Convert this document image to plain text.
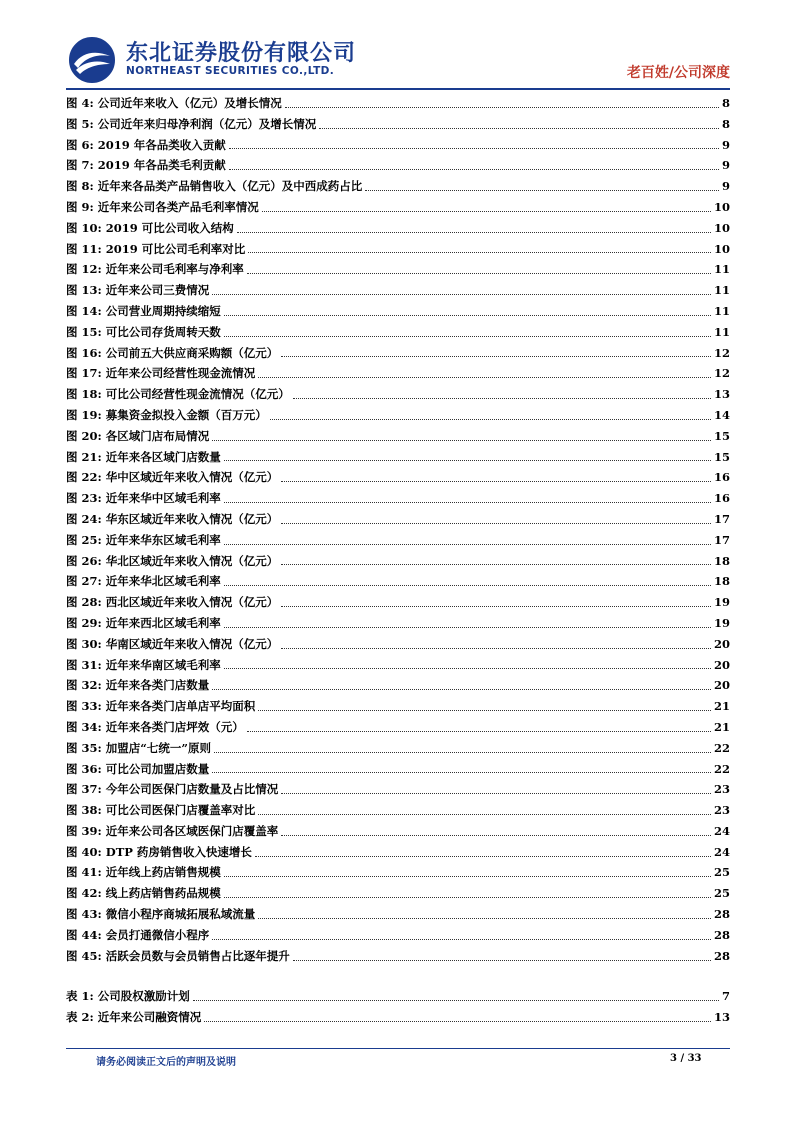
东北证券股份有限公司
NORTHEAST SECURITIES CO.,LTD.	老百姓/公司深度
图 4: 公司近年来收入（亿元）及增长情况	8
图 5: 公司近年来归母净利润（亿元）及增长情况	8
图 6: 2019 年各品类收入贡献	9
图 7: 2019 年各品类毛利贡献	9
图 8: 近年来各品类产品销售收入（亿元）及中西成药占比	9
图 9: 近年来公司各类产品毛利率情况	10
图 10: 2019 可比公司收入结构	10
图 11: 2019 可比公司毛利率对比	10
图 12: 近年来公司毛利率与净利率	11
图 13: 近年来公司三费情况	11
图 14: 公司营业周期持续缩短	11
图 15: 可比公司存货周转天数	11
图 16: 公司前五大供应商采购额（亿元）	12
图 17: 近年来公司经营性现金流情况	12
图 18: 可比公司经营性现金流情况（亿元）	13
图 19: 募集资金拟投入金额（百万元）	14
图 20: 各区域门店布局情况	15
图 21: 近年来各区域门店数量	15
图 22: 华中区域近年来收入情况（亿元）	16
图 23: 近年来华中区域毛利率	16
图 24: 华东区域近年来收入情况（亿元）	17
图 25: 近年来华东区域毛利率	17
图 26: 华北区域近年来收入情况（亿元）	18
图 27: 近年来华北区域毛利率	18
图 28: 西北区域近年来收入情况（亿元）	19
图 29: 近年来西北区域毛利率	19
图 30: 华南区域近年来收入情况（亿元）	20
图 31: 近年来华南区域毛利率	20
图 32: 近年来各类门店数量	20
图 33: 近年来各类门店单店平均面积	21
图 34: 近年来各类门店坪效（元）	21
图 35: 加盟店“七统一”原则	22
图 36: 可比公司加盟店数量	22
图 37: 今年公司医保门店数量及占比情况	23
图 38: 可比公司医保门店覆盖率对比	23
图 39: 近年来公司各区域医保门店覆盖率	24
图 40: DTP 药房销售收入快速增长	24
图 41: 近年线上药店销售规模	25
图 42: 线上药店销售药品规模	25
图 43: 微信小程序商城拓展私域流量	28
图 44: 会员打通微信小程序	28
图 45: 活跃会员数与会员销售占比逐年提升	28
表 1: 公司股权激励计划	7
表 2: 近年来公司融资情况	13
请务必阅读正文后的声明及说明	3 / 33
